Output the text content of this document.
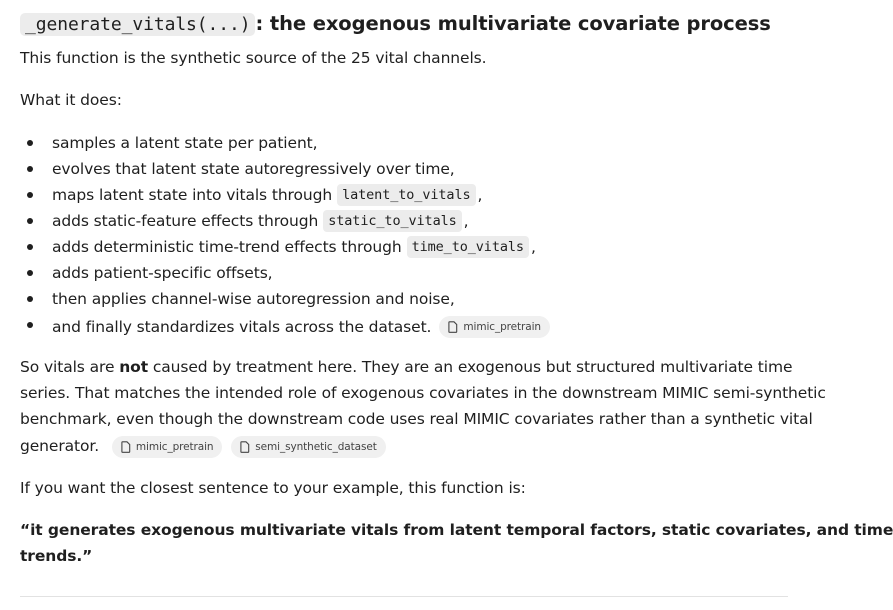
_generate_vitals(...) : the exogenous multivariate covariate process

This function is the synthetic source of the 25 vital channels.

What it does:

samples a latent state per patient,
evolves that latent state autoregressively over time,
maps latent state into vitals through latent_to_vitals ,
adds static-feature effects through static_to_vitals ,
adds deterministic time-trend effects through time_to_vitals ,
adds patient-specific offsets,
then applies channel-wise autoregression and noise,
and finally standardizes vitals across the dataset.	mimic_pretrain

So vitals are not caused by treatment here. They are an exogenous but structured multivariate time
series. That matches the intended role of exogenous covariates in the downstream MIMIC semi-synthetic
benchmark, even though the downstream code uses real MIMIC covariates rather than a synthetic vital
generator.	mimic_pretrain
	semi_synthetic_dataset

If you want the closest sentence to your example, this function is:

“it generates exogenous multivariate vitals from latent temporal factors, static covariates, and time
trends.”
